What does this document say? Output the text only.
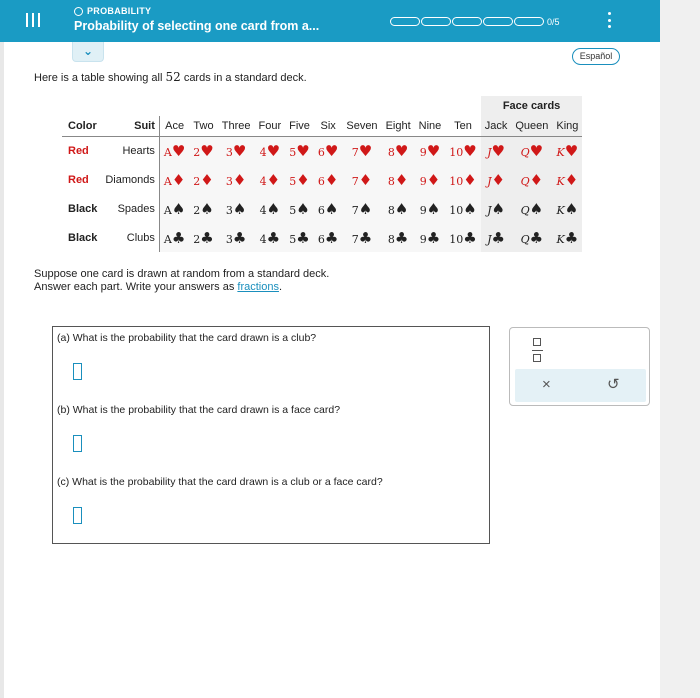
PROBABILITY
Probability of selecting one card from a...	0/5
⌄	Español
Here is a table showing all 52 cards in a standard deck.
												Face cards		
Color	Suit	Ace	Two	Three	Four	Five	Six	Seven	Eight	Nine	Ten	Jack	Queen	King
Red	Hearts	A♥	2♥	3♥	4♥	5♥	6♥	7♥	8♥	9♥	10♥	J♥	Q♥	K♥
Red	Diamonds	A♦	2♦	3♦	4♦	5♦	6♦	7♦	8♦	9♦	10♦	J♦	Q♦	K♦
Black	Spades	A♠	2♠	3♠	4♠	5♠	6♠	7♠	8♠	9♠	10♠	J♠	Q♠	K♠
Black	Clubs	A♣	2♣	3♣	4♣	5♣	6♣	7♣	8♣	9♣	10♣	J♣	Q♣	K♣
Suppose one card is drawn at random from a standard deck.
Answer each part. Write your answers as fractions.
(a) What is the probability that the card drawn is a club?
(b) What is the probability that the card drawn is a face card?
(c) What is the probability that the card drawn is a club or a face card?
×	↺
